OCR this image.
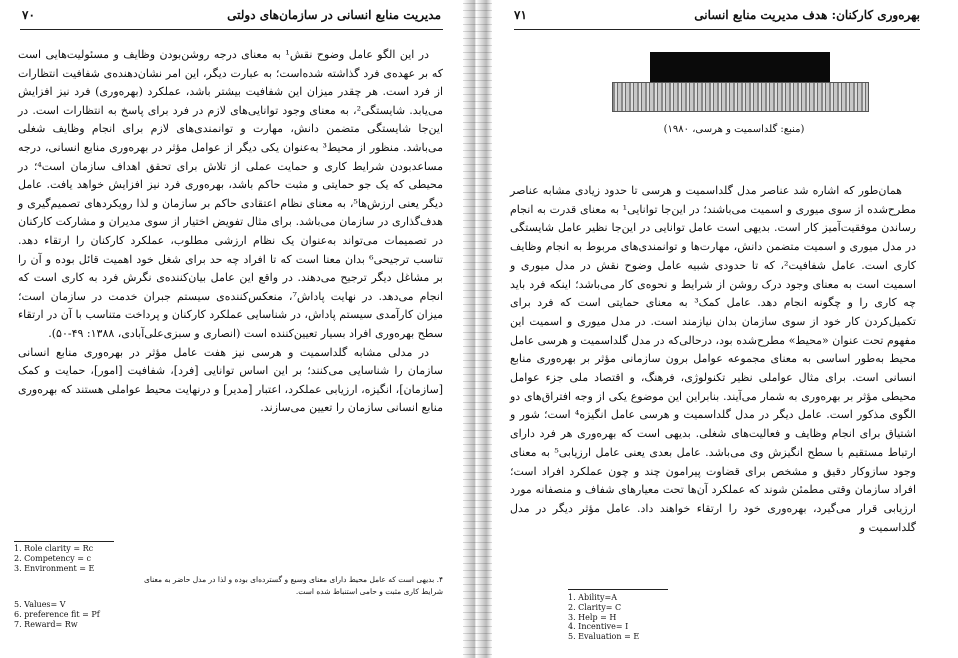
مدیریت منابع انسانی در سازمان‌های دولتی
۷۰

در این الگو عامل وضوح نقش¹ به معنای درجه روشن‌بودن وظایف و مسئولیت‌هایی است که بر عهده‌ی فرد گذاشته شده‌است؛ به عبارت دیگر، این امر نشان‌دهنده‌ی شفافیت انتظارات از فرد است. هر چقدر میزان این شفافیت بیشتر باشد، عملکرد (بهره‌وری) فرد نیز افزایش می‌یابد. شایستگی²، به معنای وجود توانایی‌های لازم در فرد برای پاسخ به انتظارات است. در این‌جا شایستگی متضمن دانش، مهارت و توانمندی‌های لازم برای انجام وظایف شغلی می‌باشد. منظور از محیط³ به‌عنوان یکی دیگر از عوامل مؤثر در بهره‌وری منابع انسانی، درجه مساعدبودن شرایط کاری و حمایت عملی از تلاش برای تحقق اهداف سازمان است⁴؛ در محیطی که یک جو حمایتی و مثبت حاکم باشد، بهره‌وری فرد نیز افزایش خواهد یافت. عامل دیگر یعنی ارزش‌ها⁵، به معنای نظام اعتقادی حاکم بر سازمان و لذا رویکردهای تصمیم‌گیری و هدف‌گذاری در سازمان می‌باشد. برای مثال تفویض اختیار از سوی مدیران و مشارکت کارکنان در تصمیمات می‌تواند به‌عنوان یک نظام ارزشی مطلوب، عملکرد کارکنان را ارتقاء دهد. تناسب ترجیحی⁶ بدان معنا است که تا افراد چه حد برای شغل خود اهمیت قائل بوده و آن را بر مشاغل دیگر ترجیح می‌دهند. در واقع این عامل بیان‌کننده‌ی نگرش فرد به کاری است که انجام می‌دهد. در نهایت پاداش⁷، منعکس‌کننده‌ی سیستم جبران خدمت در سازمان است؛ میزان کارآمدی سیستم پاداش، در شناسایی عملکرد کارکنان و پرداخت متناسب با آن در ارتقاء سطح بهره‌وری افراد بسیار تعیین‌کننده است (انصاری و سبزی‌علی‌آبادی، ۱۳۸۸: ۴۹-۵۰).

در مدلی مشابه گلداسمیت و هرسی نیز هفت عامل مؤثر در بهره‌وری منابع انسانی سازمان را شناسایی می‌کنند؛ بر این اساس توانایی [فرد]، شفافیت [امور]، حمایت و کمک [سازمان]، انگیزه، ارزیابی عملکرد، اعتبار [مدیر] و درنهایت محیط عواملی هستند که بهره‌وری منابع انسانی سازمان را تعیین می‌سازند.

1. Role clarity = Rc
2. Competency = c
3. Environment = E
۴. بدیهی است که عامل محیط دارای معنای وسیع و گسترده‌ای بوده و لذا در مدل حاضر به معنای شرایط کاری مثبت و حامی استنباط شده است.
5. Values= V
6. preference fit = Pf
7. Reward= Rw
بهره‌وری کارکنان: هدف مدیریت منابع انسانی
۷۱
(منبع: گلداسمیت و هرسی، ۱۹۸۰)

همان‌طور که اشاره شد عناصر مدل گلداسمیت و هرسی تا حدود زیادی مشابه عناصر مطرح‌شده از سوی میوری و اسمیت می‌باشند؛ در این‌جا توانایی¹ به معنای قدرت به انجام رساندن موفقیت‌آمیز کار است. بدیهی است عامل توانایی در این‌جا نظیر عامل شایستگی در مدل میوری و اسمیت متضمن دانش، مهارت‌ها و توانمندی‌های مربوط به انجام وظایف کاری است. عامل شفافیت²، که تا حدودی شبیه عامل وضوح نقش در مدل میوری و اسمیت است به معنای وجود درک روشن از شرایط و نحوه‌ی کار می‌باشد؛ اینکه فرد باید چه کاری را و چگونه انجام دهد. عامل کمک³ به معنای حمایتی است که فرد برای تکمیل‌کردن کار خود از سوی سازمان بدان نیازمند است. در مدل میوری و اسمیت این مفهوم تحت عنوان «محیط» مطرح‌شده بود، درحالی‌که در مدل گلداسمیت و هرسی عامل محیط به‌طور اساسی به معنای مجموعه عوامل برون سازمانی مؤثر بر بهره‌وری منابع انسانی است. برای مثال عواملی نظیر تکنولوژی، فرهنگ، و اقتصاد ملی جزء عوامل محیطی مؤثر بر بهره‌وری به شمار می‌آیند. بنابراین این موضوع یکی از وجه افتراق‌های دو الگوی مذکور است. عامل دیگر در مدل گلداسمیت و هرسی عامل انگیزه⁴ است؛ شور و اشتیاق برای انجام وظایف و فعالیت‌های شغلی. بدیهی است که بهره‌وری هر فرد دارای ارتباط مستقیم با سطح انگیزش وی می‌باشد. عامل بعدی یعنی عامل ارزیابی⁵ به معنای وجود سازوکار دقیق و مشخص برای قضاوت پیرامون چند و چون عملکرد افراد است؛ افراد سازمان وقتی مطمئن شوند که عملکرد آن‌ها تحت معیارهای شفاف و منصفانه مورد ارزیابی قرار می‌گیرد، بهره‌وری خود را ارتقاء خواهند داد. عامل مؤثر دیگر در مدل گلداسمیت و

1. Ability=A
2. Clarity= C
3. Help = H
4. Incentive= I
5. Evaluation = E
